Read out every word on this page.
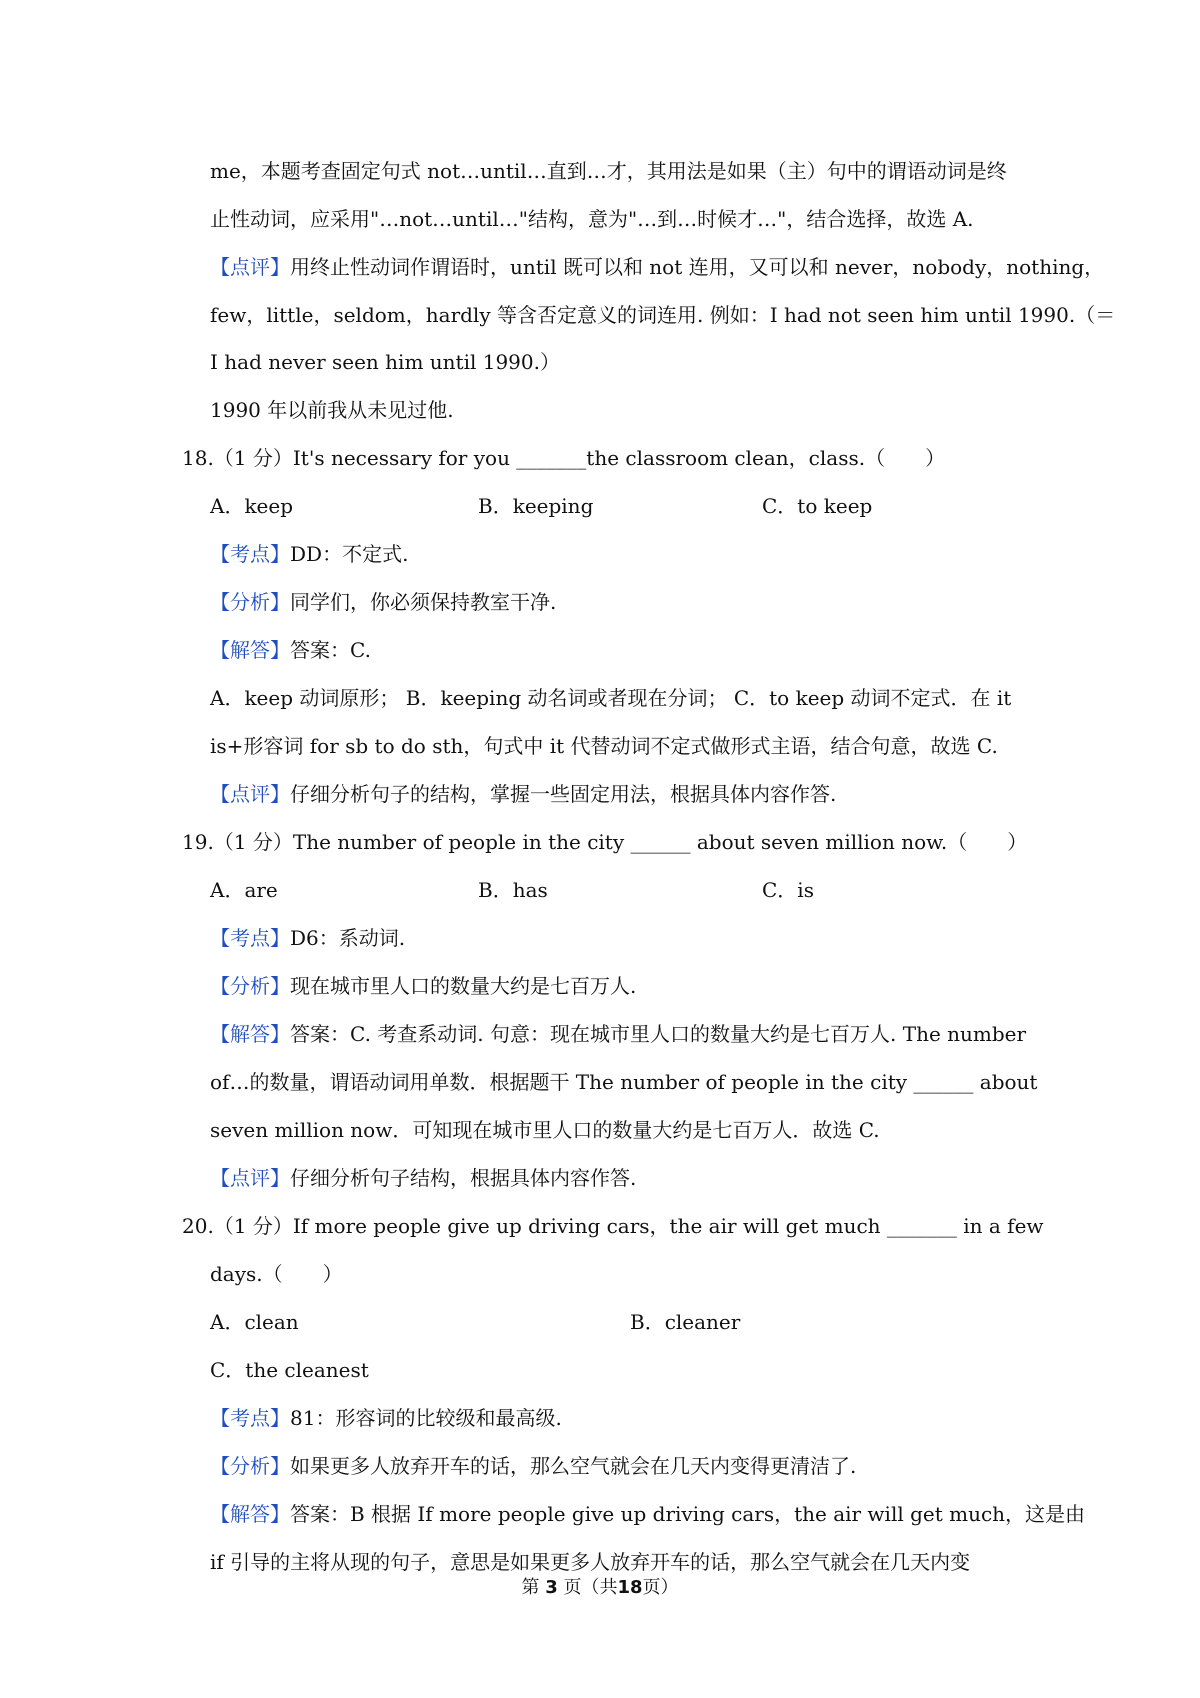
me，本题考查固定句式 not…until…直到…才，其用法是如果（主）句中的谓语动词是终
止性动词，应采用"…not…until…"结构，意为"…到…时候才…"，结合选择，故选 A.
【点评】用终止性动词作谓语时，until 既可以和 not 连用，又可以和 never，nobody，nothing，
few，little，seldom，hardly 等含否定意义的词连用. 例如：I had not seen him until 1990.（＝
I had never seen him until 1990.）
1990 年以前我从未见过他.
18.（1 分）It's necessary for you _______the classroom clean，class.（　　）
A．keep	B．keeping	C．to keep
【考点】DD：不定式.
【分析】同学们，你必须保持教室干净.
【解答】答案：C.
A．keep 动词原形； B．keeping 动名词或者现在分词； C．to keep 动词不定式．在 it
is+形容词 for sb to do sth，句式中 it 代替动词不定式做形式主语，结合句意，故选 C.
【点评】仔细分析句子的结构，掌握一些固定用法，根据具体内容作答.
19.（1 分）The number of people in the city ______ about seven million now.（　　）
A．are	B．has	C．is
【考点】D6：系动词.
【分析】现在城市里人口的数量大约是七百万人.
【解答】答案：C. 考查系动词. 句意：现在城市里人口的数量大约是七百万人. The number
of…的数量，谓语动词用单数．根据题干 The number of people in the city ______ about
seven million now．可知现在城市里人口的数量大约是七百万人．故选 C.
【点评】仔细分析句子结构，根据具体内容作答.
20.（1 分）If more people give up driving cars，the air will get much _______ in a few
days.（　　）
A．clean	B．cleaner
C．the cleanest
【考点】81：形容词的比较级和最高级.
【分析】如果更多人放弃开车的话，那么空气就会在几天内变得更清洁了.
【解答】答案：B 根据 If more people give up driving cars，the air will get much，这是由
if 引导的主将从现的句子，意思是如果更多人放弃开车的话，那么空气就会在几天内变
第 3 页（共18页）
